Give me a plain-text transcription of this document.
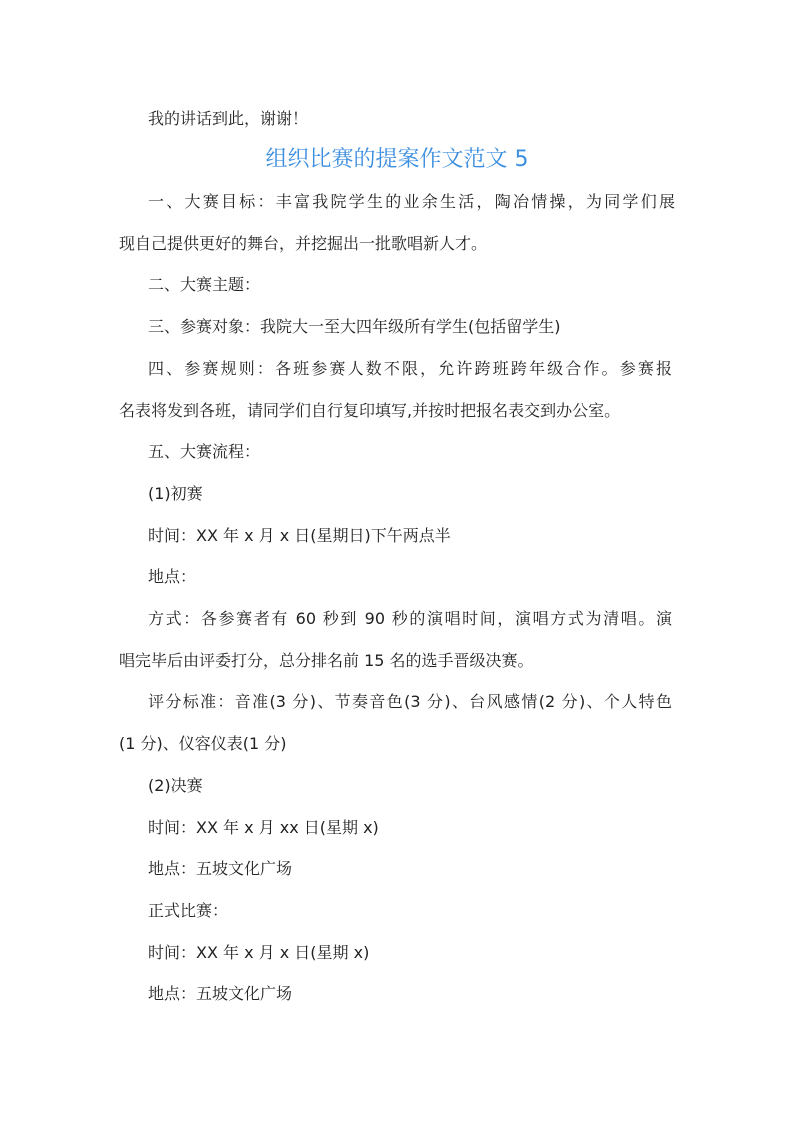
我的讲话到此，谢谢！
组织比赛的提案作文范文 5
一、大赛目标：丰富我院学生的业余生活，陶冶情操，为同学们展
现自己提供更好的舞台，并挖掘出一批歌唱新人才。
二、大赛主题：
三、参赛对象：我院大一至大四年级所有学生(包括留学生)
四、参赛规则：各班参赛人数不限，允许跨班跨年级合作。参赛报
名表将发到各班，请同学们自行复印填写,并按时把报名表交到办公室。
五、大赛流程：
(1)初赛
时间：XX 年 x 月 x 日(星期日)下午两点半
地点：
方式：各参赛者有 60 秒到 90 秒的演唱时间，演唱方式为清唱。演
唱完毕后由评委打分，总分排名前 15 名的选手晋级决赛。
评分标准：音准(3 分)、节奏音色(3 分)、台风感情(2 分)、个人特色
(1 分)、仪容仪表(1 分)
(2)决赛
时间：XX 年 x 月 xx 日(星期 x)
地点：五坡文化广场
正式比赛：
时间：XX 年 x 月 x 日(星期 x)
地点：五坡文化广场
